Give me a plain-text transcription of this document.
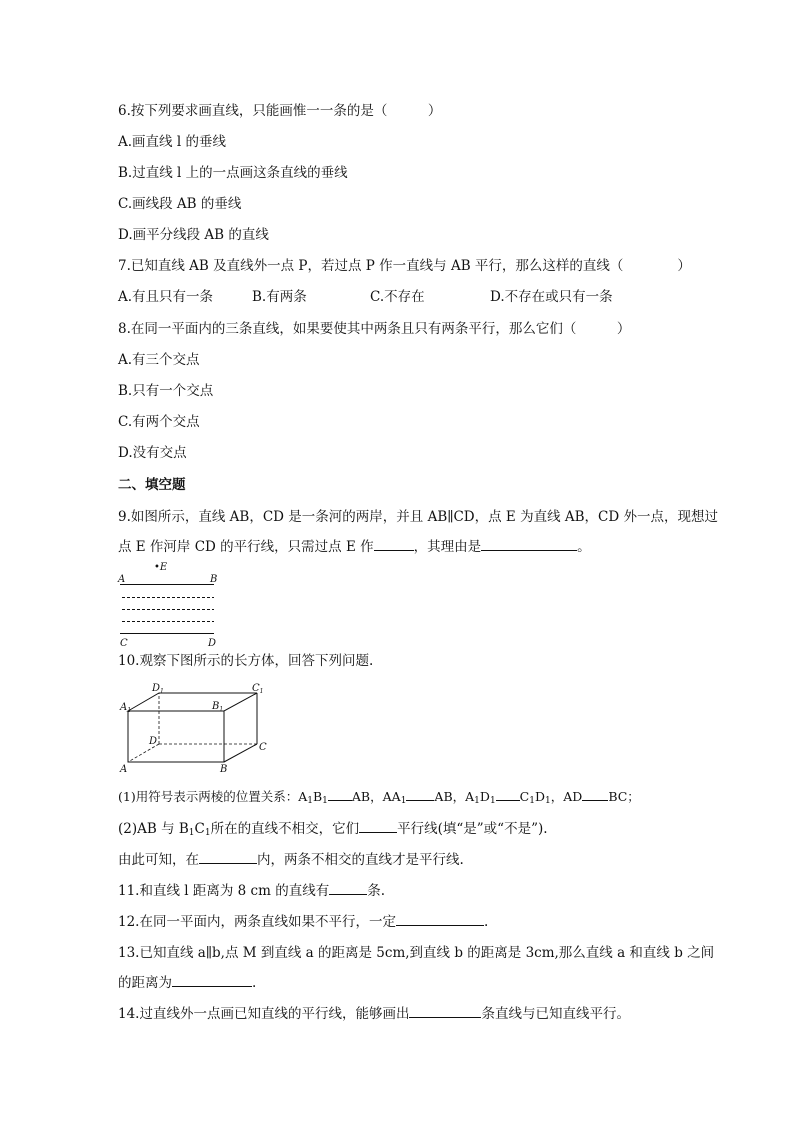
6.按下列要求画直线，只能画惟一一条的是（　　　）
A.画直线 l 的垂线
B.过直线 l 上的一点画这条直线的垂线
C.画线段 AB 的垂线
D.画平分线段 AB 的直线
7.已知直线 AB 及直线外一点 P，若过点 P 作一直线与 AB 平行，那么这样的直线（　　　　）
A.有且只有一条	B.有两条	C.不存在	D.不存在或只有一条
8.在同一平面内的三条直线，如果要使其中两条且只有两条平行，那么它们（　　　）
A.有三个交点
B.只有一个交点
C.有两个交点
D.没有交点
二、填空题
9.如图所示，直线 AB，CD 是一条河的两岸，并且 AB∥CD，点 E 为直线 AB，CD 外一点，现想过
点 E 作河岸 CD 的平行线，只需过点 E 作	，其理由是	。
•E
A	B
C	D
10.观察下图所示的长方体，回答下列问题.
$D_1$	$C_1$
$A_1$	$B_1$
D
C
A	B
(1)用符号表示两棱的位置关系：$A_1B_1$ AB，$AA_1$ AB，$A_1D_1$ $C_1D_1$，AD BC；
(2)AB 与 $B_1C_1$所在的直线不相交，它们	平行线(填“是”或“不是”).
由此可知，在	内，两条不相交的直线才是平行线.
11.和直线 l 距离为 8 cm 的直线有	条.
12.在同一平面内，两条直线如果不平行，一定	.
13.已知直线 a∥b,点 M 到直线 a 的距离是 5cm,到直线 b 的距离是 3cm,那么直线 a 和直线 b 之间
的距离为	.
14.过直线外一点画已知直线的平行线，能够画出	条直线与已知直线平行。
